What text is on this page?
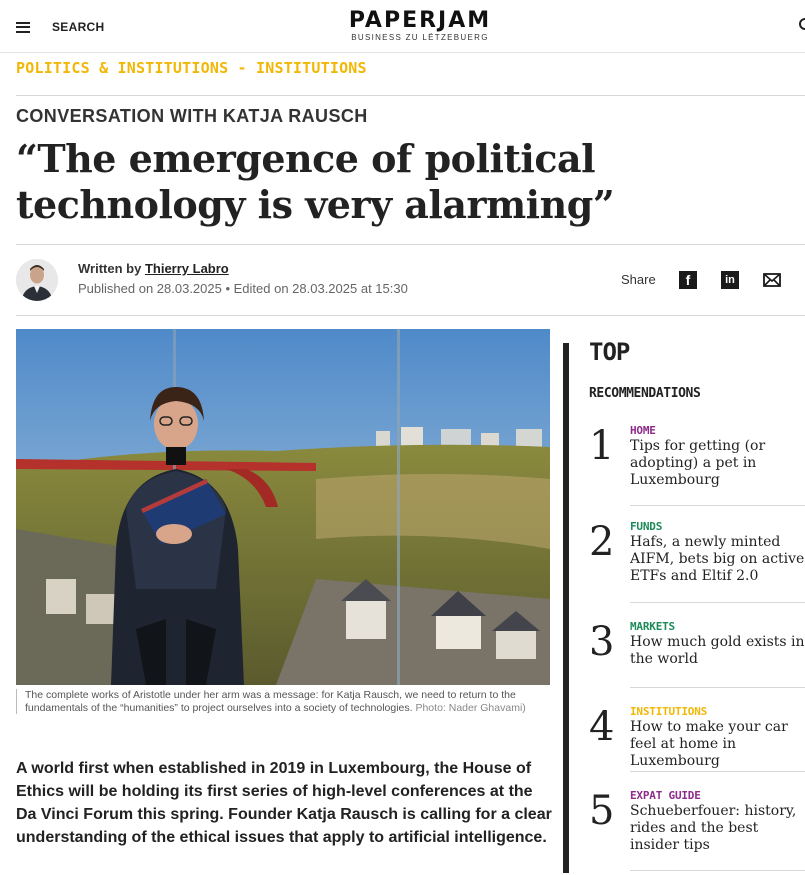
SEARCH	PAPERJAM
BUSINESS ZU LËTZEBUERG
POLITICS & INSTITUTIONS - INSTITUTIONS
CONVERSATION WITH KATJA RAUSCH
“The emergence of political technology is very alarming”
Written by Thierry Labro
Published on 28.03.2025 • Edited on 28.03.2025 at 15:30
Share	f	in
The complete works of Aristotle under her arm was a message: for Katja Rausch, we need to return to the fundamentals of the “humanities” to project ourselves into a society of technologies. Photo: Nader Ghavami)

A world first when established in 2019 in Luxembourg, the House of Ethics will be holding its first series of high-level conferences at the Da Vinci Forum this spring. Founder Katja Rausch is calling for a clear understanding of the ethical issues that apply to artificial intelligence.

TOP
RECOMMENDATIONS
1 HOME
Tips for getting (or adopting) a pet in Luxembourg
2 FUNDS
Hafs, a newly minted AIFM, bets big on active ETFs and Eltif 2.0
3 MARKETS
How much gold exists in the world
4 INSTITUTIONS
How to make your car feel at home in Luxembourg
5 EXPAT GUIDE
Schueberfouer: history, rides and the best insider tips
